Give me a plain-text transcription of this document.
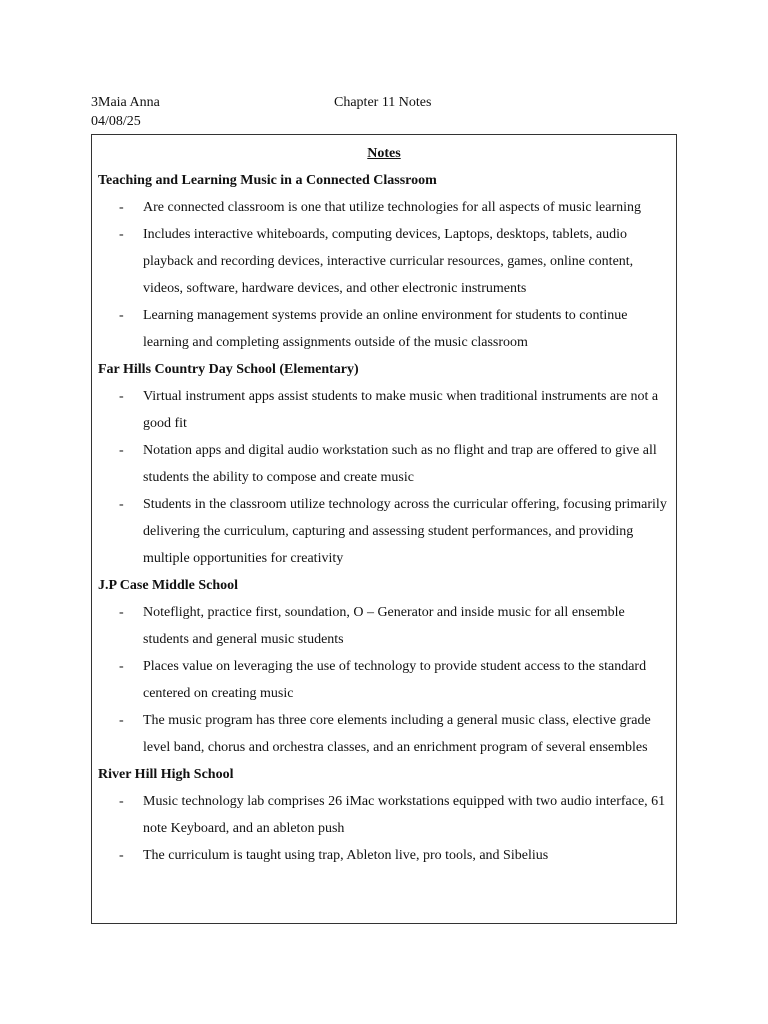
3Maia Anna
04/08/25
Chapter 11 Notes
Notes
Teaching and Learning Music in a Connected Classroom
- Are connected classroom is one that utilize technologies for all aspects of music learning
- Includes interactive whiteboards, computing devices, Laptops, desktops, tablets, audio playback and recording devices, interactive curricular resources, games, online content, videos, software, hardware devices, and other electronic instruments
- Learning management systems provide an online environment for students to continue learning and completing assignments outside of the music classroom
Far Hills Country Day School (Elementary)
- Virtual instrument apps assist students to make music when traditional instruments are not a good fit
- Notation apps and digital audio workstation such as no flight and trap are offered to give all students the ability to compose and create music
- Students in the classroom utilize technology across the curricular offering, focusing primarily delivering the curriculum, capturing and assessing student performances, and providing multiple opportunities for creativity
J.P Case Middle School
- Noteflight, practice first, soundation, O – Generator and inside music for all ensemble students and general music students
- Places value on leveraging the use of technology to provide student access to the standard centered on creating music
- The music program has three core elements including a general music class, elective grade level band, chorus and orchestra classes, and an enrichment program of several ensembles
River Hill High School
- Music technology lab comprises 26 iMac workstations equipped with two audio interface, 61 note Keyboard, and an ableton push
- The curriculum is taught using trap, Ableton live, pro tools, and Sibelius
